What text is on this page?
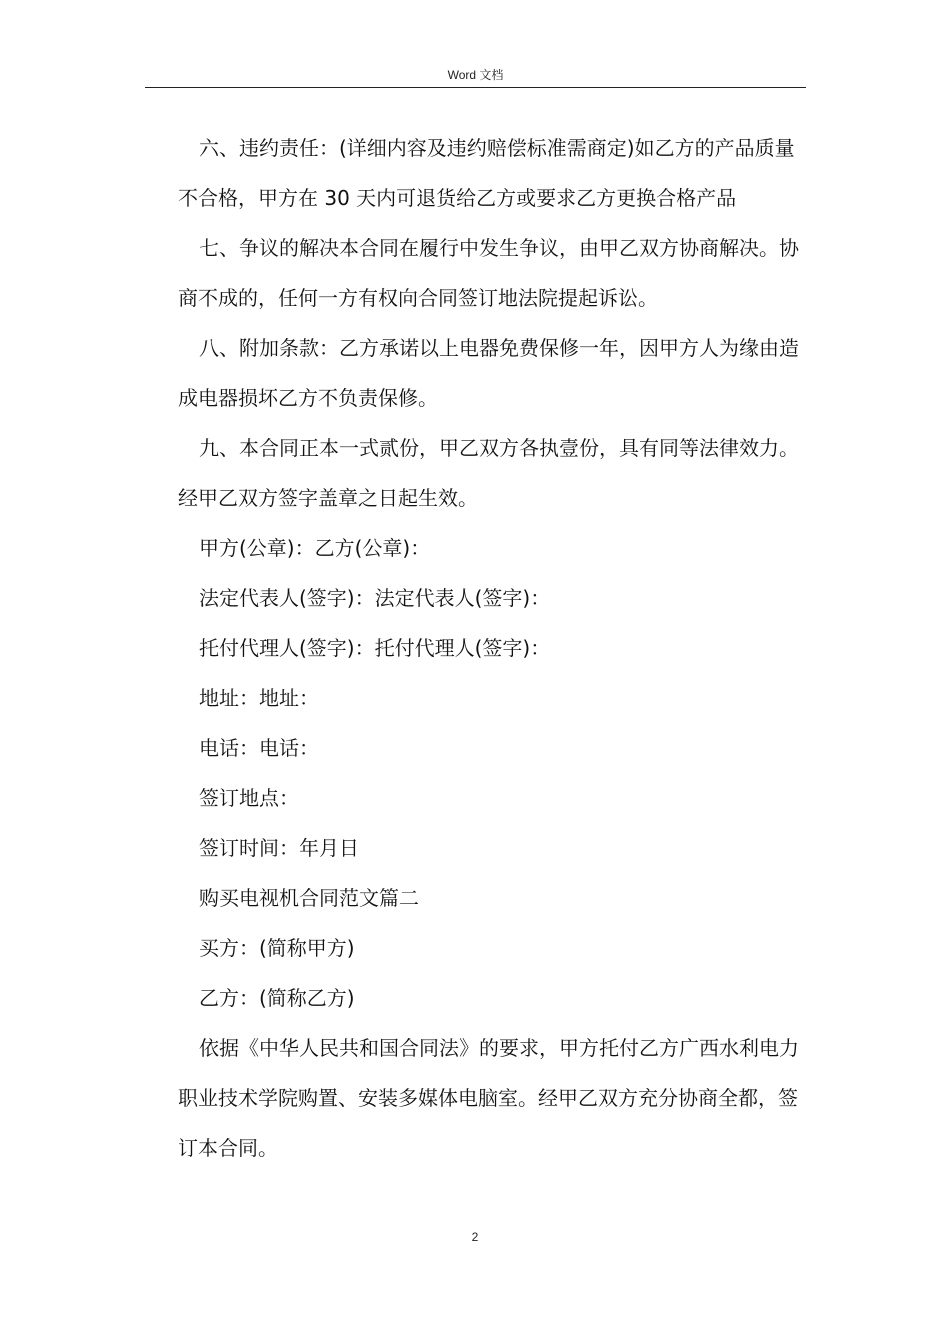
Word 文档

六、违约责任：(详细内容及违约赔偿标准需商定)如乙方的产品质量不合格，甲方在 30 天内可退货给乙方或要求乙方更换合格产品

七、争议的解决本合同在履行中发生争议，由甲乙双方协商解决。协商不成的，任何一方有权向合同签订地法院提起诉讼。

八、附加条款：乙方承诺以上电器免费保修一年，因甲方人为缘由造成电器损坏乙方不负责保修。

九、本合同正本一式贰份，甲乙双方各执壹份，具有同等法律效力。经甲乙双方签字盖章之日起生效。

甲方(公章)：乙方(公章)：

法定代表人(签字)：法定代表人(签字)：

托付代理人(签字)：托付代理人(签字)：

地址：地址：

电话：电话：

签订地点：

签订时间：年月日

购买电视机合同范文篇二

买方：(简称甲方)

乙方：(简称乙方)

依据《中华人民共和国合同法》的要求，甲方托付乙方广西水利电力职业技术学院购置、安装多媒体电脑室。经甲乙双方充分协商全都，签订本合同。

2
